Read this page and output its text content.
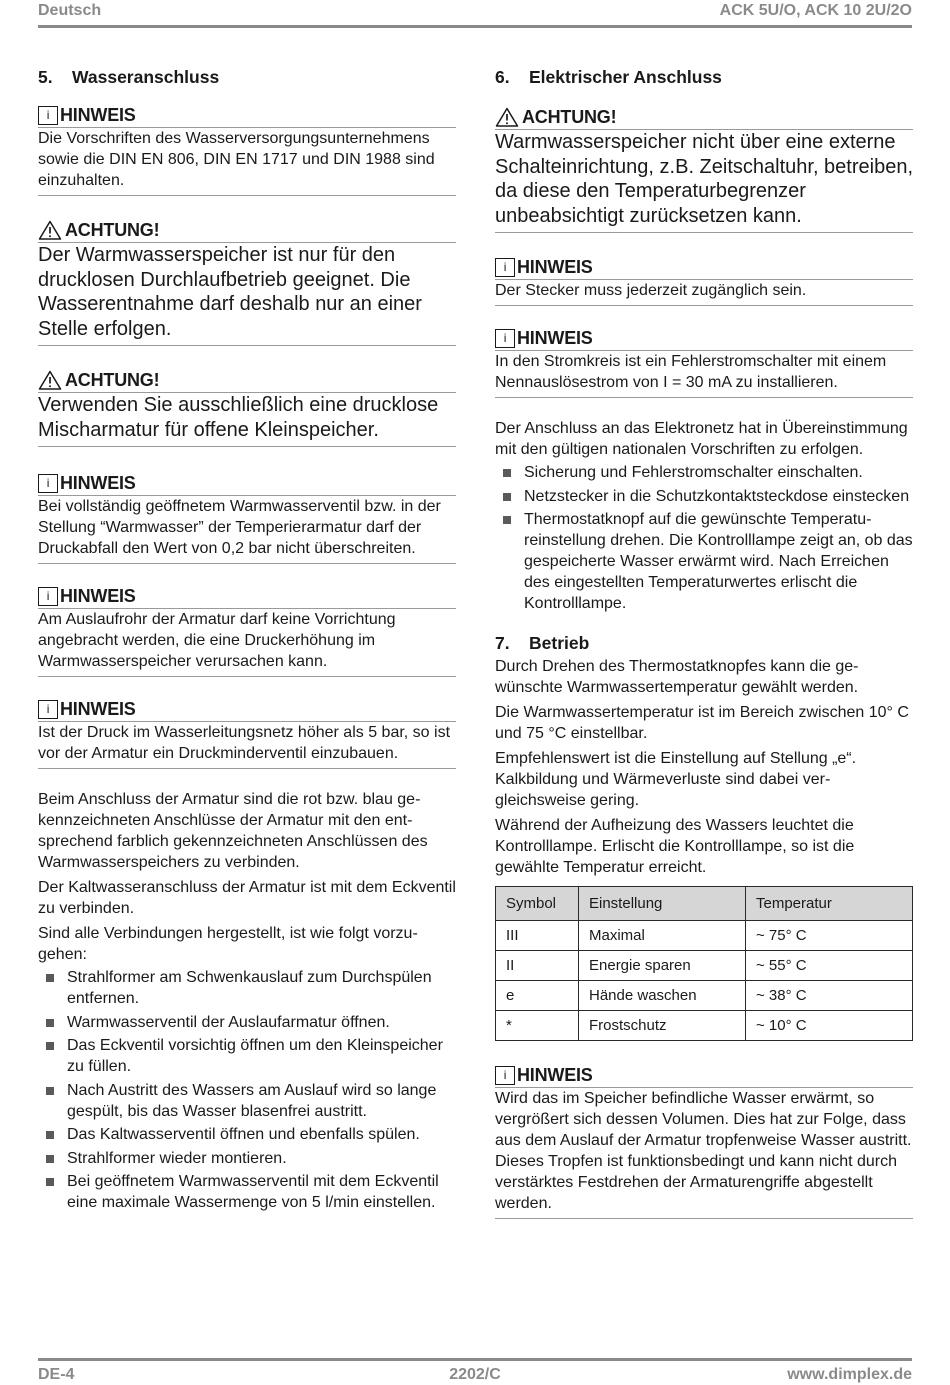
Deutsch	ACK 5U/O, ACK 10 2U/2O
5. Wasseranschluss
i HINWEIS
Die Vorschriften des Wasserversorgungsunternehmens sowie die DIN EN 806, DIN EN 1717 und DIN 1988 sind einzuhalten.
ACHTUNG!
Der Warmwasserspeicher ist nur für den drucklosen Durchlaufbetrieb geeignet. Die Wasserentnahme darf deshalb nur an einer Stelle erfolgen.
ACHTUNG!
Verwenden Sie ausschließlich eine drucklose Mischarmatur für offene Kleinspeicher.
i HINWEIS
Bei vollständig geöffnetem Warmwasserventil bzw. in der Stellung “Warmwasser” der Temperierarmatur darf der Druckabfall den Wert von 0,2 bar nicht überschreiten.
i HINWEIS
Am Auslaufrohr der Armatur darf keine Vorrichtung angebracht werden, die eine Druckerhöhung im Warmwasserspeicher verursachen kann.
i HINWEIS
Ist der Druck im Wasserleitungsnetz höher als 5 bar, so ist vor der Armatur ein Druckminderventil einzubauen.

Beim Anschluss der Armatur sind die rot bzw. blau gekennzeichneten Anschlüsse der Armatur mit den entsprechend farblich gekennzeichneten Anschlüssen des Warmwasserspeichers zu verbinden.

Der Kaltwasseranschluss der Armatur ist mit dem Eckventil zu verbinden.

Sind alle Verbindungen hergestellt, ist wie folgt vorzugehen:

Strahlformer am Schwenkauslauf zum Durchspülen entfernen.
Warmwasserventil der Auslaufarmatur öffnen.
Das Eckventil vorsichtig öffnen um den Kleinspeicher zu füllen.
Nach Austritt des Wassers am Auslauf wird so lange gespült, bis das Wasser blasenfrei austritt.
Das Kaltwasserventil öffnen und ebenfalls spülen.
Strahlformer wieder montieren.
Bei geöffnetem Warmwasserventil mit dem Eckventil eine maximale Wassermenge von 5 l/min einstellen.
6. Elektrischer Anschluss
ACHTUNG!
Warmwasserspeicher nicht über eine externe Schalteinrichtung, z.B. Zeitschaltuhr, betreiben, da diese den Temperaturbegrenzer unbeabsichtigt zurücksetzen kann.
i HINWEIS
Der Stecker muss jederzeit zugänglich sein.
i HINWEIS
In den Stromkreis ist ein Fehlerstromschalter mit einem Nennauslösestrom von I = 30 mA zu installieren.

Der Anschluss an das Elektronetz hat in Übereinstimmung mit den gültigen nationalen Vorschriften zu erfolgen.

Sicherung und Fehlerstromschalter einschalten.
Netzstecker in die Schutzkontaktsteckdose einstecken
Thermostatknopf auf die gewünschte Temperatureinstellung drehen. Die Kontrolllampe zeigt an, ob das gespeicherte Wasser erwärmt wird. Nach Erreichen des eingestellten Temperaturwertes erlischt die Kontrolllampe.
7. Betrieb

Durch Drehen des Thermostatknopfes kann die gewünschte Warmwassertemperatur gewählt werden.

Die Warmwassertemperatur ist im Bereich zwischen 10° C und 75 °C einstellbar.

Empfehlenswert ist die Einstellung auf Stellung „e“. Kalkbildung und Wärmeverluste sind dabei vergleichsweise gering.

Während der Aufheizung des Wassers leuchtet die Kontrolllampe. Erlischt die Kontrolllampe, so ist die gewählte Temperatur erreicht.

Symbol	Einstellung	Temperatur
III	Maximal	~ 75° C
II	Energie sparen	~ 55° C
e	Hände waschen	~ 38° C
*	Frostschutz	~ 10° C
i HINWEIS
Wird das im Speicher befindliche Wasser erwärmt, so vergrößert sich dessen Volumen. Dies hat zur Folge, dass aus dem Auslauf der Armatur tropfenweise Wasser austritt. Dieses Tropfen ist funktionsbedingt und kann nicht durch verstärktes Festdrehen der Armaturengriffe abgestellt werden.
DE-4	2202/C	www.dimplex.de
